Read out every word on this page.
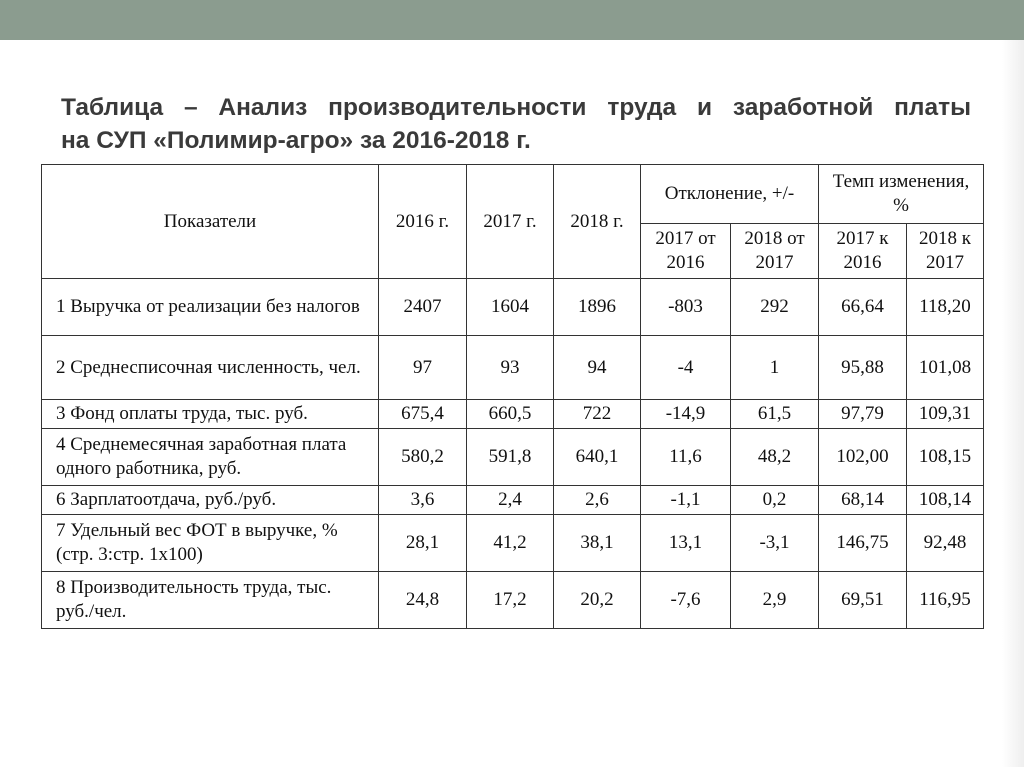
Таблица – Анализ производительности труда и заработной платы
на СУП «Полимир-агро» за 2016-2018 г.
Показатели	2016 г.	2017 г.	2018 г.	Отклонение, +/-		Темп изменения, %	
				2017 от 2016	2018 от 2017	2017 к 2016	2018 к 2017

1 Выручка от реализации без налогов	2407	1604	1896	-803	292	66,64	118,20

2 Среднесписочная численность, чел.	97	93	94	-4	1	95,88	101,08

3 Фонд оплаты труда, тыс. руб.	675,4	660,5	722	-14,9	61,5	97,79	109,31

4 Среднемесячная заработная плата одного работника, руб.	580,2	591,8	640,1	11,6	48,2	102,00	108,15

6 Зарплатоотдача, руб./руб.	3,6	2,4	2,6	-1,1	0,2	68,14	108,14

7 Удельный вес ФОТ в выручке, % (стр. 3:стр. 1х100)	28,1	41,2	38,1	13,1	-3,1	146,75	92,48

8 Производительность труда, тыс. руб./чел.	24,8	17,2	20,2	-7,6	2,9	69,51	116,95
